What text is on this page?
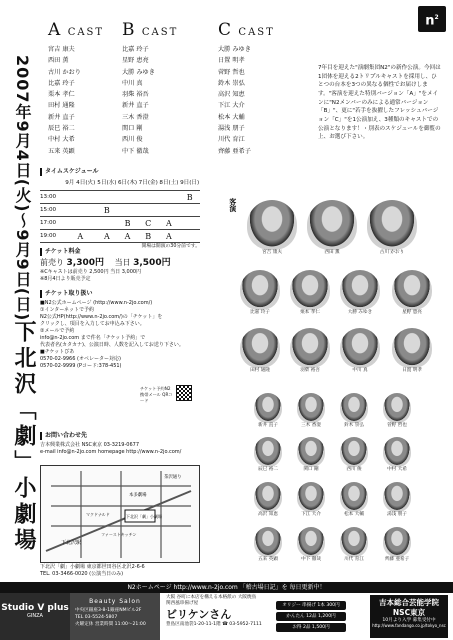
$n^2$
2007年9月4日(火)〜9月9日(日)
下北沢「劇」小劇場
A CAST
宮吉 康夫
西田 薫
古川 かおり
比嘉 玲子
栗本 孝仁
田村 通隆
新井 直子
辰巳 裕二
中村 大希
五来 英顕
B CAST
比嘉 玲子
星野 恵亮
大勝 みゆき
中川 真
羽柴 裕吾
新井 直子
三木 香澄
関口 剛
西川 俊
中下 徹哉
C CAST
大勝 みゆき
日置 明孝
菅野 哲也
鈴木 崇弘
高沢 知恵
下江 大介
松本 大輔
湯浅 朋子
川代 育江
齊藤 亜希子
7年目を迎えた"演劇集団N2"の新作公演。今回は1団体を迎える2トリプルキャストを採用し、ひとつの台本を3つの異なる個性でお届けします。"客演を迎えた特別バージョン「A」"をメインに"N2メンバーのみによる通常バージョン「B」"、更に"若手を抜擢したフレッシュバージョン「C」"を1公演加え、3種類のキャストでの公演となります！・別表のスケジュールを御覧の上、お選び下さい。
タイムスケジュール
	9月 4日(火)	5日(水)	6日(木)	7日(金)	8日(土)	9日(日)
13:00						B
15:00		B				
17:00			B	C	A	
19:00	A	A	A	B	A	
開場は開演の30分前です。
チケット料金
前売り 3,300円　 当日 3,500円
※Cキャストは前売り 2,500円 当日 3,000円
※8月4日より販売予定
チケット取り扱い
■N2公式ホームページ (http://www.n-2jo.com/)
①インターネットで予約
N2公式HP(http://www.n-2jo.com/)の「チケット」を
クリックし、項目を入力してお申込み下さい。
②メールで予約
info@n-2jo.com まで件名「チケット予約」で
代表者名(カタカナ)、公演日時、人数を記入してお送り下さい。
■チケットぴあ
0570-02-9966 (オペレーター対応)
0570-02-9999 (Pコード:378-451)
チケット予約N2携帯メール QRコード
お問い合わせ先
吉本興業株式会社 NSC東京 03-3219-0677
e-mail info@n-2jo.com homepage http://www.n-2jo.com/
下北沢駅
本多劇場
下北沢「劇」小劇場
マクドナルド
ファーストキッチン
茶沢通り
下北沢「劇」小劇場 東京都世田谷区北沢2-6-6
TEL. 03-3466-0020 (公演当日のみ)
客演
宮吉 康夫	西田 薫	古川 かおり
比嘉 玲子	栗本 孝仁	大勝 みゆき	星野 恵亮
田村 通隆	羽柴 裕吾	中川 真	日置 明孝
新井 直子	三木 香澄	鈴木 崇弘	菅野 哲也
辰巳 裕二	関口 剛	西川 俊	中村 大希
高沢 知恵	下江 大介	松本 大輔	湯浅 朋子
五来 英顕	中下 徹哉	川代 育江	齊藤 亜希子
N2ホームページ http://www.n-2jo.com 「稽古場日記」を 毎日更新中！
Studio V plus
GINZA
Beauty Salon
中央区銀座3-8-1銀座NMビル2F
TEL 03-5524-5807
火曜定休 営業時間 11:00〜21:00
大阪 谷町に本店を構える本格派の 大阪焼鳥
関西風串揚げ屋
ビリケンさん
豊島区南池袋1-20-11-1階 ☎ 03-5952-7111
オリジー 串揚げ 1本 300円
かんたん 12品 1,200円
お得 2品 1,500円
吉本総合芸能学院
NSC東京
10月より入学 募集受付中
http://www.fandango.co.jp/tokyo_nsc
